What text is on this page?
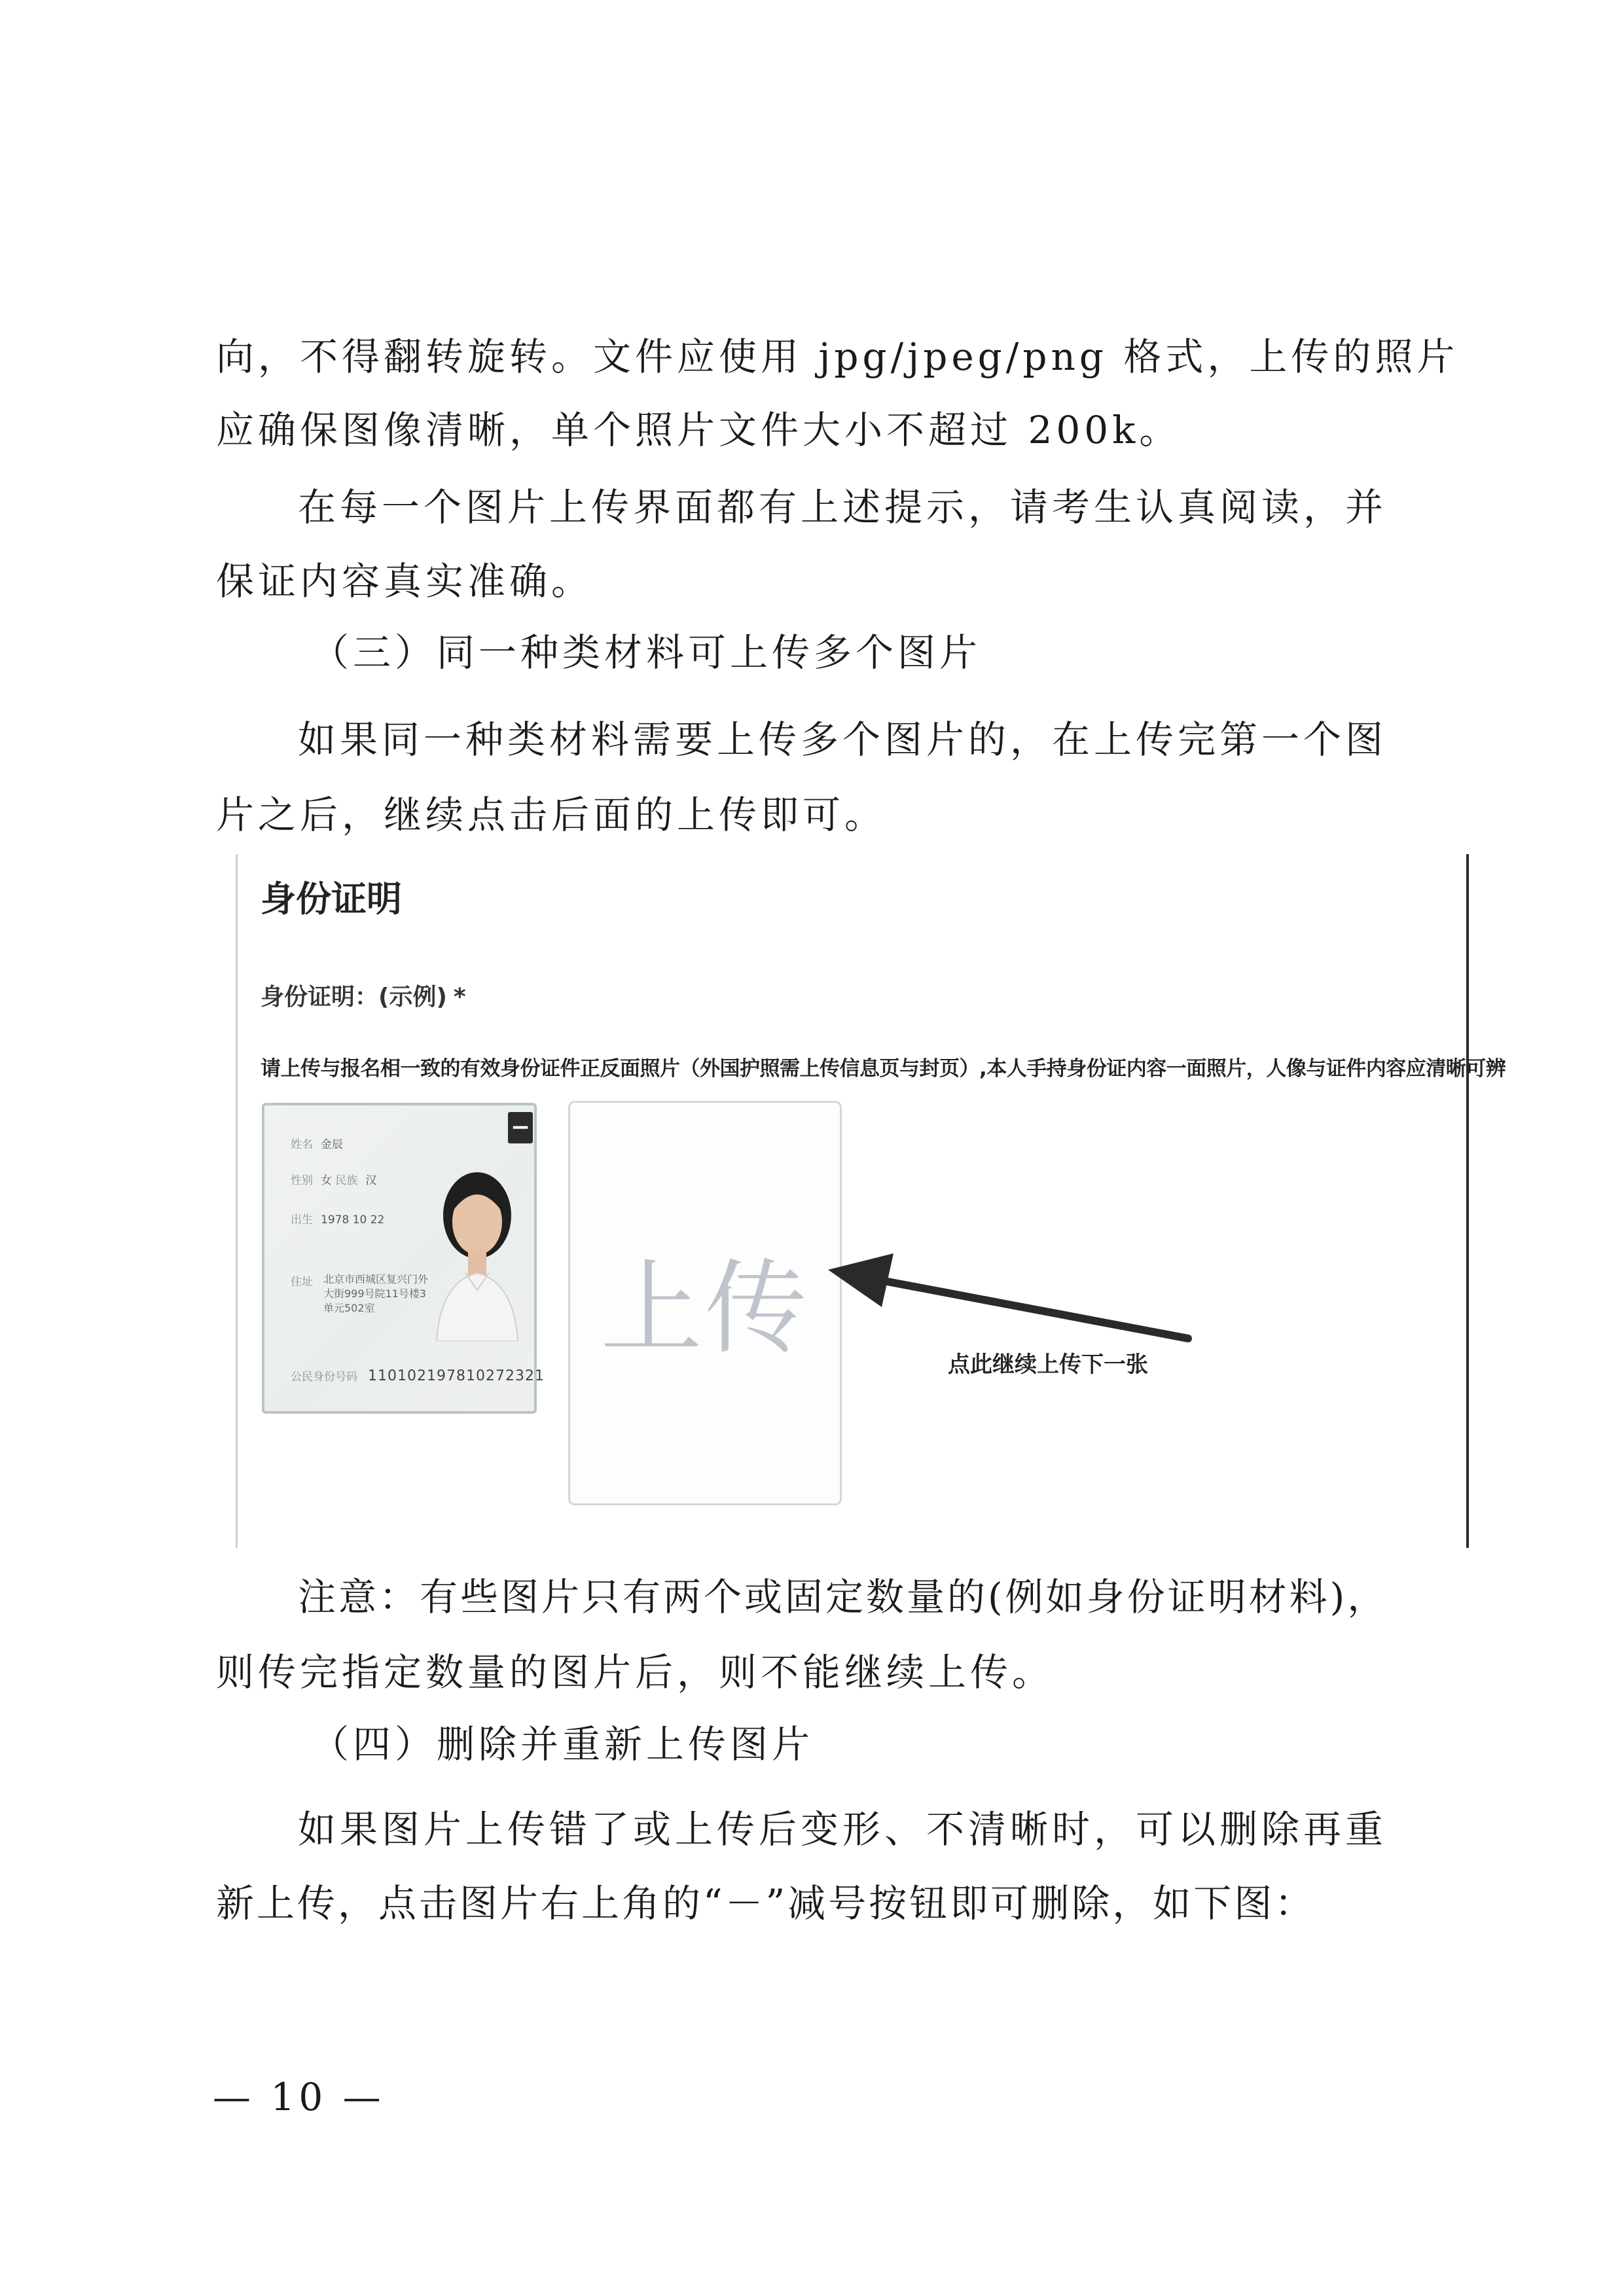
向，不得翻转旋转。文件应使用 jpg/jpeg/png 格式，上传的照片

应确保图像清晰，单个照片文件大小不超过 200k。

在每一个图片上传界面都有上述提示，请考生认真阅读，并

保证内容真实准确。

（三）同一种类材料可上传多个图片

如果同一种类材料需要上传多个图片的，在上传完第一个图

片之后，继续点击后面的上传即可。

身份证明
身份证明：(示例) *
请上传与报名相一致的有效身份证件正反面照片（外国护照需上传信息页与封页）,本人手持身份证内容一面照片，人像与证件内容应清晰可辨
姓名 金辰
性别 女 民族 汉
出生 1978 10 22
住址 北京市西城区复兴门外大街999号院11号楼3单元502室
公民身份号码 110102197810272321
−
上传	点此继续上传下一张

注意：有些图片只有两个或固定数量的(例如身份证明材料)，

则传完指定数量的图片后，则不能继续上传。

（四）删除并重新上传图片

如果图片上传错了或上传后变形、不清晰时，可以删除再重

新上传，点击图片右上角的“－”减号按钮即可删除，如下图：

— 10 —
